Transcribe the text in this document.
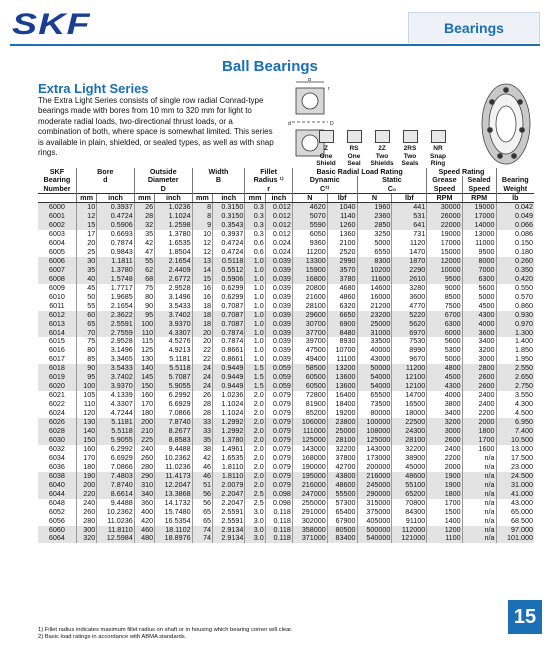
SKF	Bearings
Ball Bearings
Extra Light Series
The Extra Light Series consists of single row radial Conrad-type bearings made with bores from 10 mm to 320 mm for light to moderate radial loads, two-directional thrust loads, or a combination of both, where space is somewhat limited. This series is available in plain, shielded, or sealed types, as well as with snap rings.
B
r
d	D
Z
One
Shield
RS
One
Seal
2Z
Two
Shields
2RS
Two
Seals
NR
Snap
Ring
SKF	Bore		Outside		Width		Fillet		Basic Radial Load Rating				Speed Rating		
Bearing	d		Diameter		B		Radius ¹⁾		Dynamic		Static		Grease	Sealed	Bearing
Number			D				r		C²⁾		C₀		Speed	Speed	Weight
	mm	inch	mm	inch	mm	inch	mm	inch	N	lbf	N	lbf	RPM	RPM	lb
6000	10	0.3937	26	1.0236	8	0.3150	0.3	0.012	4620	1040	1960	441	30000	19000	0.042
6001	12	0.4724	28	1.1024	8	0.3150	0.3	0.012	5070	1140	2360	531	26000	17000	0.049
6002	15	0.5906	32	1.2598	9	0.3543	0.3	0.012	5590	1260	2850	641	22000	14000	0.066
6003	17	0.6693	35	1.3780	10	0.3937	0.3	0.012	6050	1360	3250	731	19000	13000	0.086
6004	20	0.7874	42	1.6535	12	0.4724	0.6	0.024	9360	2100	5000	1120	17000	11000	0.150
6005	25	0.9843	47	1.8504	12	0.4724	0.6	0.024	11200	2520	6550	1470	15000	9500	0.180
6006	30	1.1811	55	2.1654	13	0.5118	1.0	0.039	13300	2990	8300	1870	12000	8000	0.260
6007	35	1.3780	62	2.4409	14	0.5512	1.0	0.039	15900	3570	10200	2290	10000	7000	0.350
6008	40	1.5748	68	2.6772	15	0.5906	1.0	0.039	16800	3780	11600	2610	9500	6300	0.420
6009	45	1.7717	75	2.9528	16	0.6299	1.0	0.039	20800	4680	14600	3280	9000	5600	0.550
6010	50	1.9685	80	3.1496	16	0.6299	1.0	0.039	21600	4860	16000	3600	8500	5000	0.570
6011	55	2.1654	90	3.5433	18	0.7087	1.0	0.039	28100	6320	21200	4770	7500	4500	0.860
6012	60	2.3622	95	3.7402	18	0.7087	1.0	0.039	29600	6650	23200	5220	6700	4300	0.930
6013	65	2.5591	100	3.9370	18	0.7087	1.0	0.039	30700	6900	25000	5620	6300	4000	0.970
6014	70	2.7559	110	4.3307	20	0.7874	1.0	0.039	37700	8480	31000	6970	6000	3600	1.300
6015	75	2.9528	115	4.5276	20	0.7874	1.0	0.039	39700	8930	33500	7530	5600	3400	1.400
6016	80	3.1496	125	4.9213	22	0.8661	1.0	0.039	47500	10700	40000	8990	5300	3200	1.850
6017	85	3.3465	130	5.1181	22	0.8661	1.0	0.039	49400	11100	43000	9670	5000	3000	1.950
6018	90	3.5433	140	5.5118	24	0.9449	1.5	0.059	58500	13200	50000	11200	4800	2800	2.550
6019	95	3.7402	145	5.7087	24	0.9449	1.5	0.059	60500	13600	54000	12100	4500	2600	2.650
6020	100	3.9370	150	5.9055	24	0.9449	1.5	0.059	60500	13600	54000	12100	4300	2600	2.750
6021	105	4.1339	160	6.2992	26	1.0236	2.0	0.079	72800	16400	65500	14700	4000	2400	3.550
6022	110	4.3307	170	6.6929	28	1.1024	2.0	0.079	81900	18400	73500	16500	3800	2400	4.300
6024	120	4.7244	180	7.0866	28	1.1024	2.0	0.079	85200	19200	80000	18000	3400	2200	4.500
6026	130	5.1181	200	7.8740	33	1.2992	2.0	0.079	106000	23800	100000	22500	3200	2000	6.950
6028	140	5.5118	210	8.2677	33	1.2992	2.0	0.079	111000	25000	108000	24300	3000	1800	7.400
6030	150	5.9055	225	8.8583	35	1.3780	2.0	0.079	125000	28100	125000	28100	2600	1700	10.500
6032	160	6.2992	240	9.4488	38	1.4961	2.0	0.079	143000	32200	143000	32200	2400	1600	13.000
6034	170	6.6929	260	10.2362	42	1.6535	2.0	0.079	168000	37800	173000	38900	2200	n/a	17.500
6036	180	7.0866	280	11.0236	46	1.8110	2.0	0.079	190000	42700	200000	45000	2000	n/a	23.000
6038	190	7.4803	290	11.4173	46	1.8110	2.0	0.079	195000	43800	216000	48600	1900	n/a	24.500
6040	200	7.8740	310	12.2047	51	2.0079	2.0	0.079	216000	48600	245000	55100	1900	n/a	31.000
6044	220	8.6614	340	13.3868	56	2.2047	2.5	0.098	247000	55500	290000	65200	1800	n/a	41.000
6048	240	9.4488	360	14.1732	56	2.2047	2.5	0.098	255000	57300	315000	70800	1700	n/a	43.000
6052	260	10.2362	400	15.7480	65	2.5591	3.0	0.118	291000	65400	375000	84300	1500	n/a	65.000
6056	280	11.0236	420	16.5354	65	2.5591	3.0	0.118	302000	67900	405000	91100	1400	n/a	68.500
6060	300	11.8110	460	18.1102	74	2.9134	3.0	0.118	358000	80500	500000	112000	1200	n/a	97.000
6064	320	12.5984	480	18.8976	74	2.9134	3.0	0.118	371000	83400	540000	121000	1100	n/a	101.000
1) Fillet radius indicates maximum fillet radius on shaft or in housing which bearing corner will clear.
2) Basic load ratings in accordance with ABMA standards.
15
